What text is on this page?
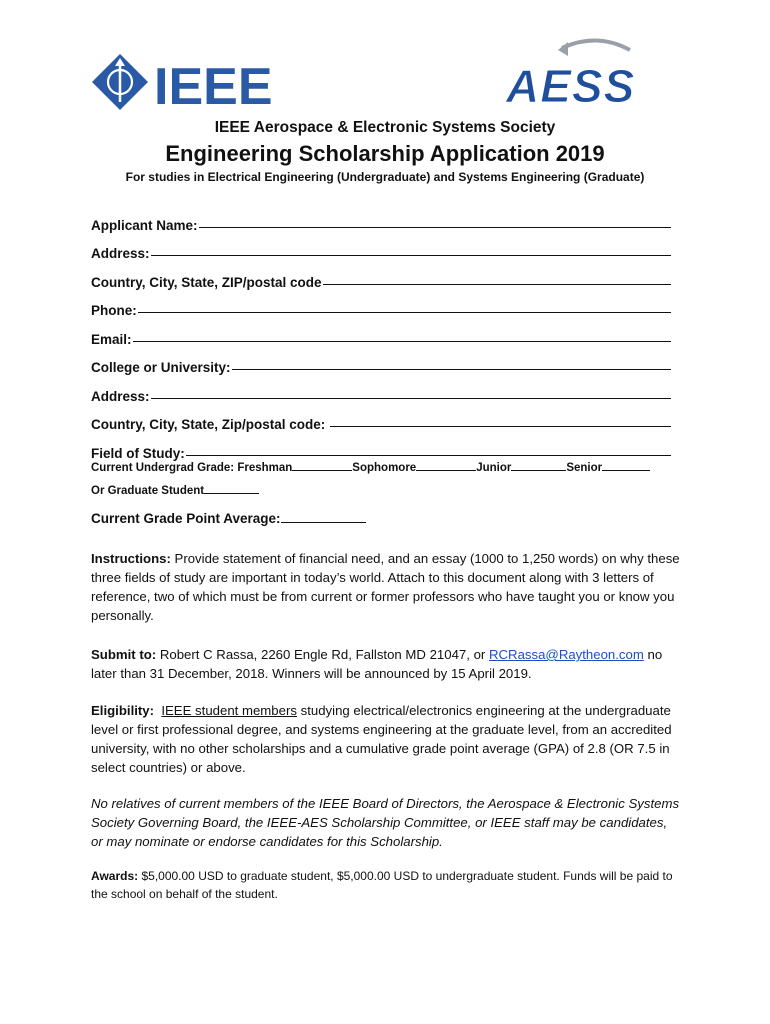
IEEE	AESS
IEEE Aerospace & Electronic Systems Society
Engineering Scholarship Application 2019
For studies in Electrical Engineering (Undergraduate) and Systems Engineering (Graduate)
Applicant Name:
Address:
Country, City, State, ZIP/postal code
Phone:
Email:
College or University:
Address:
Country, City, State, Zip/postal code:
Field of Study:
Current Undergrad Grade: Freshman	Sophomore	Junior	Senior
Or Graduate Student
Current Grade Point Average:
Instructions: Provide statement of financial need, and an essay (1000 to 1,250 words) on why these three fields of study are important in today’s world. Attach to this document along with 3 letters of reference, two of which must be from current or former professors who have taught you or know you personally.
Submit to: Robert C Rassa, 2260 Engle Rd, Fallston MD 21047, or RCRassa@Raytheon.com no later than 31 December, 2018. Winners will be announced by 15 April 2019.
Eligibility: IEEE student members studying electrical/electronics engineering at the undergraduate level or first professional degree, and systems engineering at the graduate level, from an accredited university, with no other scholarships and a cumulative grade point average (GPA) of 2.8 (OR 7.5 in select countries) or above.
No relatives of current members of the IEEE Board of Directors, the Aerospace & Electronic Systems Society Governing Board, the IEEE-AES Scholarship Committee, or IEEE staff may be candidates, or may nominate or endorse candidates for this Scholarship.
Awards: $5,000.00 USD to graduate student, $5,000.00 USD to undergraduate student. Funds will be paid to the school on behalf of the student.
